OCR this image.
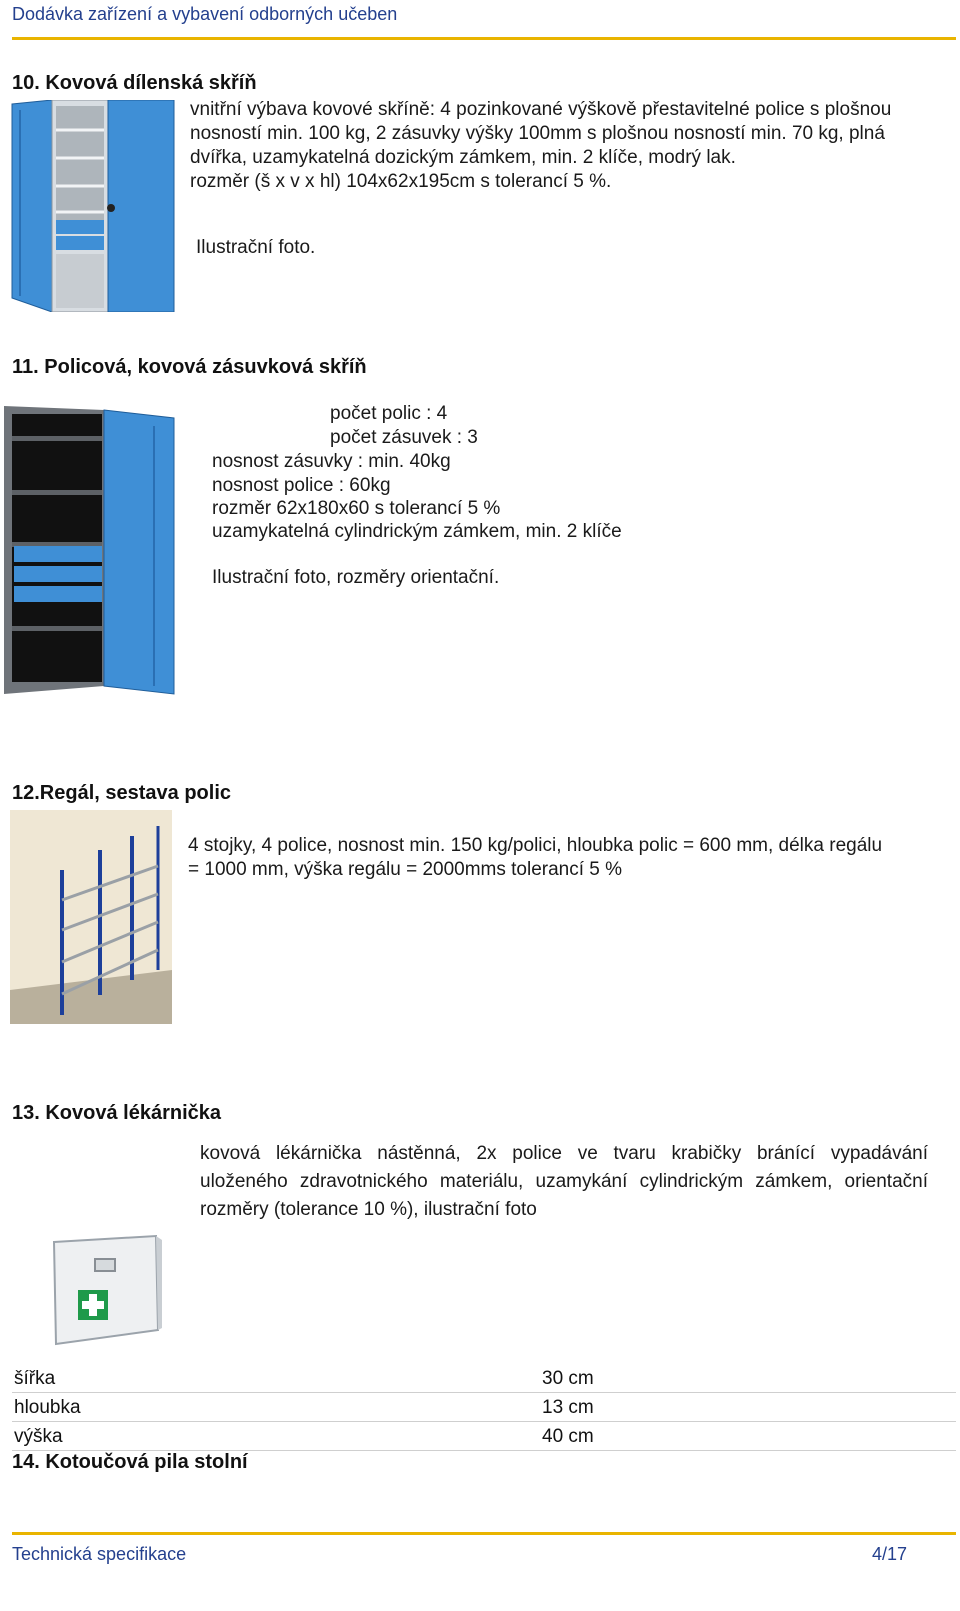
Dodávka zařízení a vybavení odborných učeben
10. Kovová dílenská skříň
vnitřní výbava kovové skříně: 4 pozinkované výškově přestavitelné police s plošnou
nosností min. 100 kg, 2 zásuvky výšky 100mm s plošnou nosností min. 70 kg, plná
dvířka, uzamykatelná dozickým zámkem, min. 2 klíče, modrý lak.
rozměr (š x v x hl) 104x62x195cm s tolerancí 5 %.
Ilustrační foto.
11. Policová, kovová zásuvková skříň
počet polic : 4
počet zásuvek : 3
nosnost zásuvky : min. 40kg
nosnost police : 60kg
rozměr 62x180x60 s tolerancí 5 %
uzamykatelná cylindrickým zámkem, min. 2 klíče
Ilustrační foto, rozměry orientační.
12.Regál, sestava polic
4 stojky, 4 police, nosnost min. 150 kg/polici, hloubka polic = 600 mm, délka regálu
= 1000 mm, výška regálu = 2000mms tolerancí 5 %
13. Kovová lékárnička
kovová lékárnička nástěnná, 2x police ve tvaru krabičky bránící vypadávání
uloženého zdravotnického materiálu, uzamykání cylindrickým zámkem, orientační
rozměry (tolerance 10 %), ilustrační foto
šířka	30 cm
hloubka	13 cm
výška	40 cm
14. Kotoučová pila stolní
Technická specifikace	4/17
